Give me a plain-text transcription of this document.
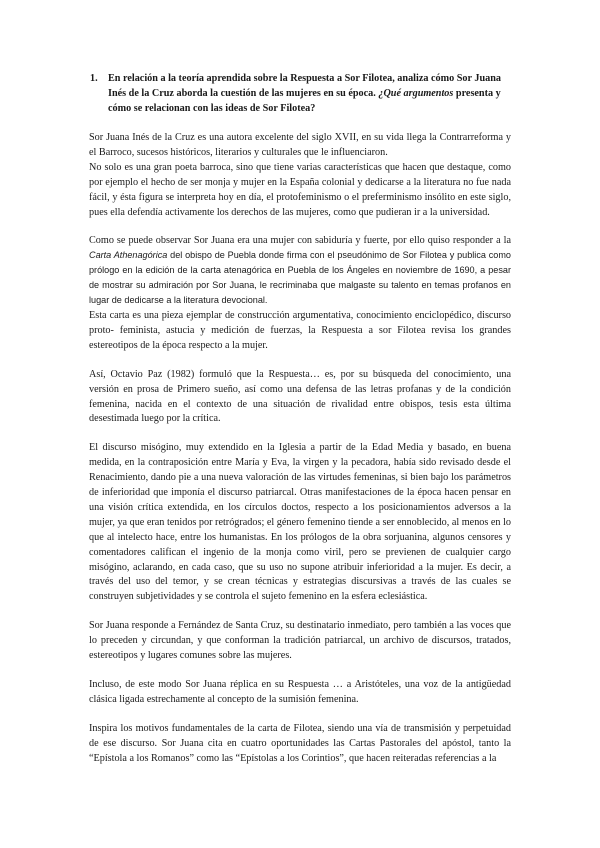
1.	En relación a la teoría aprendida sobre la Respuesta a Sor Filotea, analiza cómo Sor Juana Inés de la Cruz aborda la cuestión de las mujeres en su época. ¿Qué argumentos presenta y cómo se relacionan con las ideas de Sor Filotea?

Sor Juana Inés de la Cruz es una autora excelente del siglo XVII, en su vida llega la Contrarreforma y el Barroco, sucesos históricos, literarios y culturales que le influenciaron.

No solo es una gran poeta barroca, sino que tiene varias características que hacen que destaque, como por ejemplo el hecho de ser monja y mujer en la España colonial y dedicarse a la literatura no fue nada fácil, y ésta figura se interpreta hoy en día, el protofeminismo o el preferminismo insólito en este siglo, pues ella defendía activamente los derechos de las mujeres, como que pudieran ir a la universidad.

Como se puede observar Sor Juana era una mujer con sabiduría y fuerte, por ello quiso responder a la Carta Athenagórica del obispo de Puebla donde firma con el pseudónimo de Sor Filotea y publica como prólogo en la edición de la carta atenagórica en Puebla de los Ángeles en noviembre de 1690, a pesar de mostrar su admiración por Sor Juana, le recriminaba que malgaste su talento en temas profanos en lugar de dedicarse a la literatura devocional.

Esta carta es una pieza ejemplar de construcción argumentativa, conocimiento enciclopédico, discurso proto- feminista, astucia y medición de fuerzas, la Respuesta a sor Filotea revisa los grandes estereotipos de la época respecto a la mujer.

Así, Octavio Paz (1982) formuló que la Respuesta… es, por su búsqueda del conocimiento, una versión en prosa de Primero sueño, así como una defensa de las letras profanas y de la condición femenina, nacida en el contexto de una situación de rivalidad entre obispos, tesis esta última desestimada luego por la crítica.

El discurso misógino, muy extendido en la Iglesia a partir de la Edad Media y basado, en buena medida, en la contraposición entre María y Eva, la virgen y la pecadora, había sido revisado desde el Renacimiento, dando pie a una nueva valoración de las virtudes femeninas, si bien bajo los parámetros de inferioridad que imponía el discurso patriarcal. Otras manifestaciones de la época hacen pensar en una visión crítica extendida, en los círculos doctos, respecto a los posicionamientos adversos a la mujer, ya que eran tenidos por retrógrados; el género femenino tiende a ser ennoblecido, al menos en lo que al intelecto hace, entre los humanistas. En los prólogos de la obra sorjuanina, algunos censores y comentadores califican el ingenio de la monja como viril, pero se previenen de cualquier cargo misógino, aclarando, en cada caso, que su uso no supone atribuir inferioridad a la mujer. Es decir, a través del uso del temor, y se crean técnicas y estrategias discursivas a través de las cuales se construyen subjetividades y se controla el sujeto femenino en la esfera eclesiástica.

Sor Juana responde a Fernández de Santa Cruz, su destinatario inmediato, pero también a las voces que lo preceden y circundan, y que conforman la tradición patriarcal, un archivo de discursos, tratados, estereotipos y lugares comunes sobre las mujeres.

Incluso, de este modo Sor Juana réplica en su Respuesta … a Aristóteles, una voz de la antigüedad clásica ligada estrechamente al concepto de la sumisión femenina.

Inspira los motivos fundamentales de la carta de Filotea, siendo una vía de transmisión y perpetuidad de ese discurso. Sor Juana cita en cuatro oportunidades las Cartas Pastorales del apóstol, tanto la “Epístola a los Romanos” como las “Epístolas a los Corintios”, que hacen reiteradas referencias a la
